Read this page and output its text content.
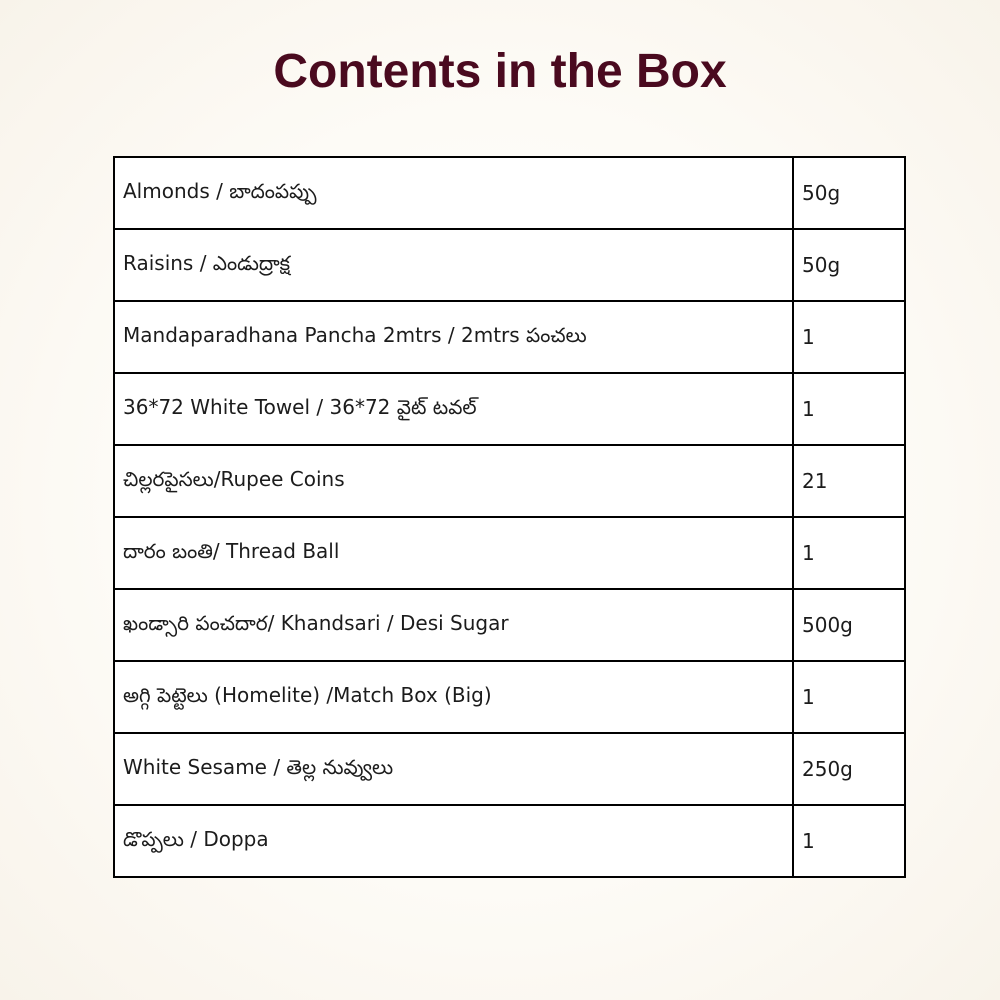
Contents in the Box
Almonds / బాదంపప్పు	50g
Raisins / ఎండుద్రాక్ష	50g
Mandaparadhana Pancha 2mtrs / 2mtrs పంచలు	1
36*72 White Towel / 36*72 వైట్ టవల్	1
చిల్లరపైసలు/Rupee Coins	21
దారం బంతి/ Thread Ball	1
ఖండ్సారి పంచదార/ Khandsari / Desi Sugar	500g
అగ్గి పెట్టెలు (Homelite) /Match Box (Big)	1
White Sesame / తెల్ల నువ్వులు	250g
డొప్పలు / Doppa	1
